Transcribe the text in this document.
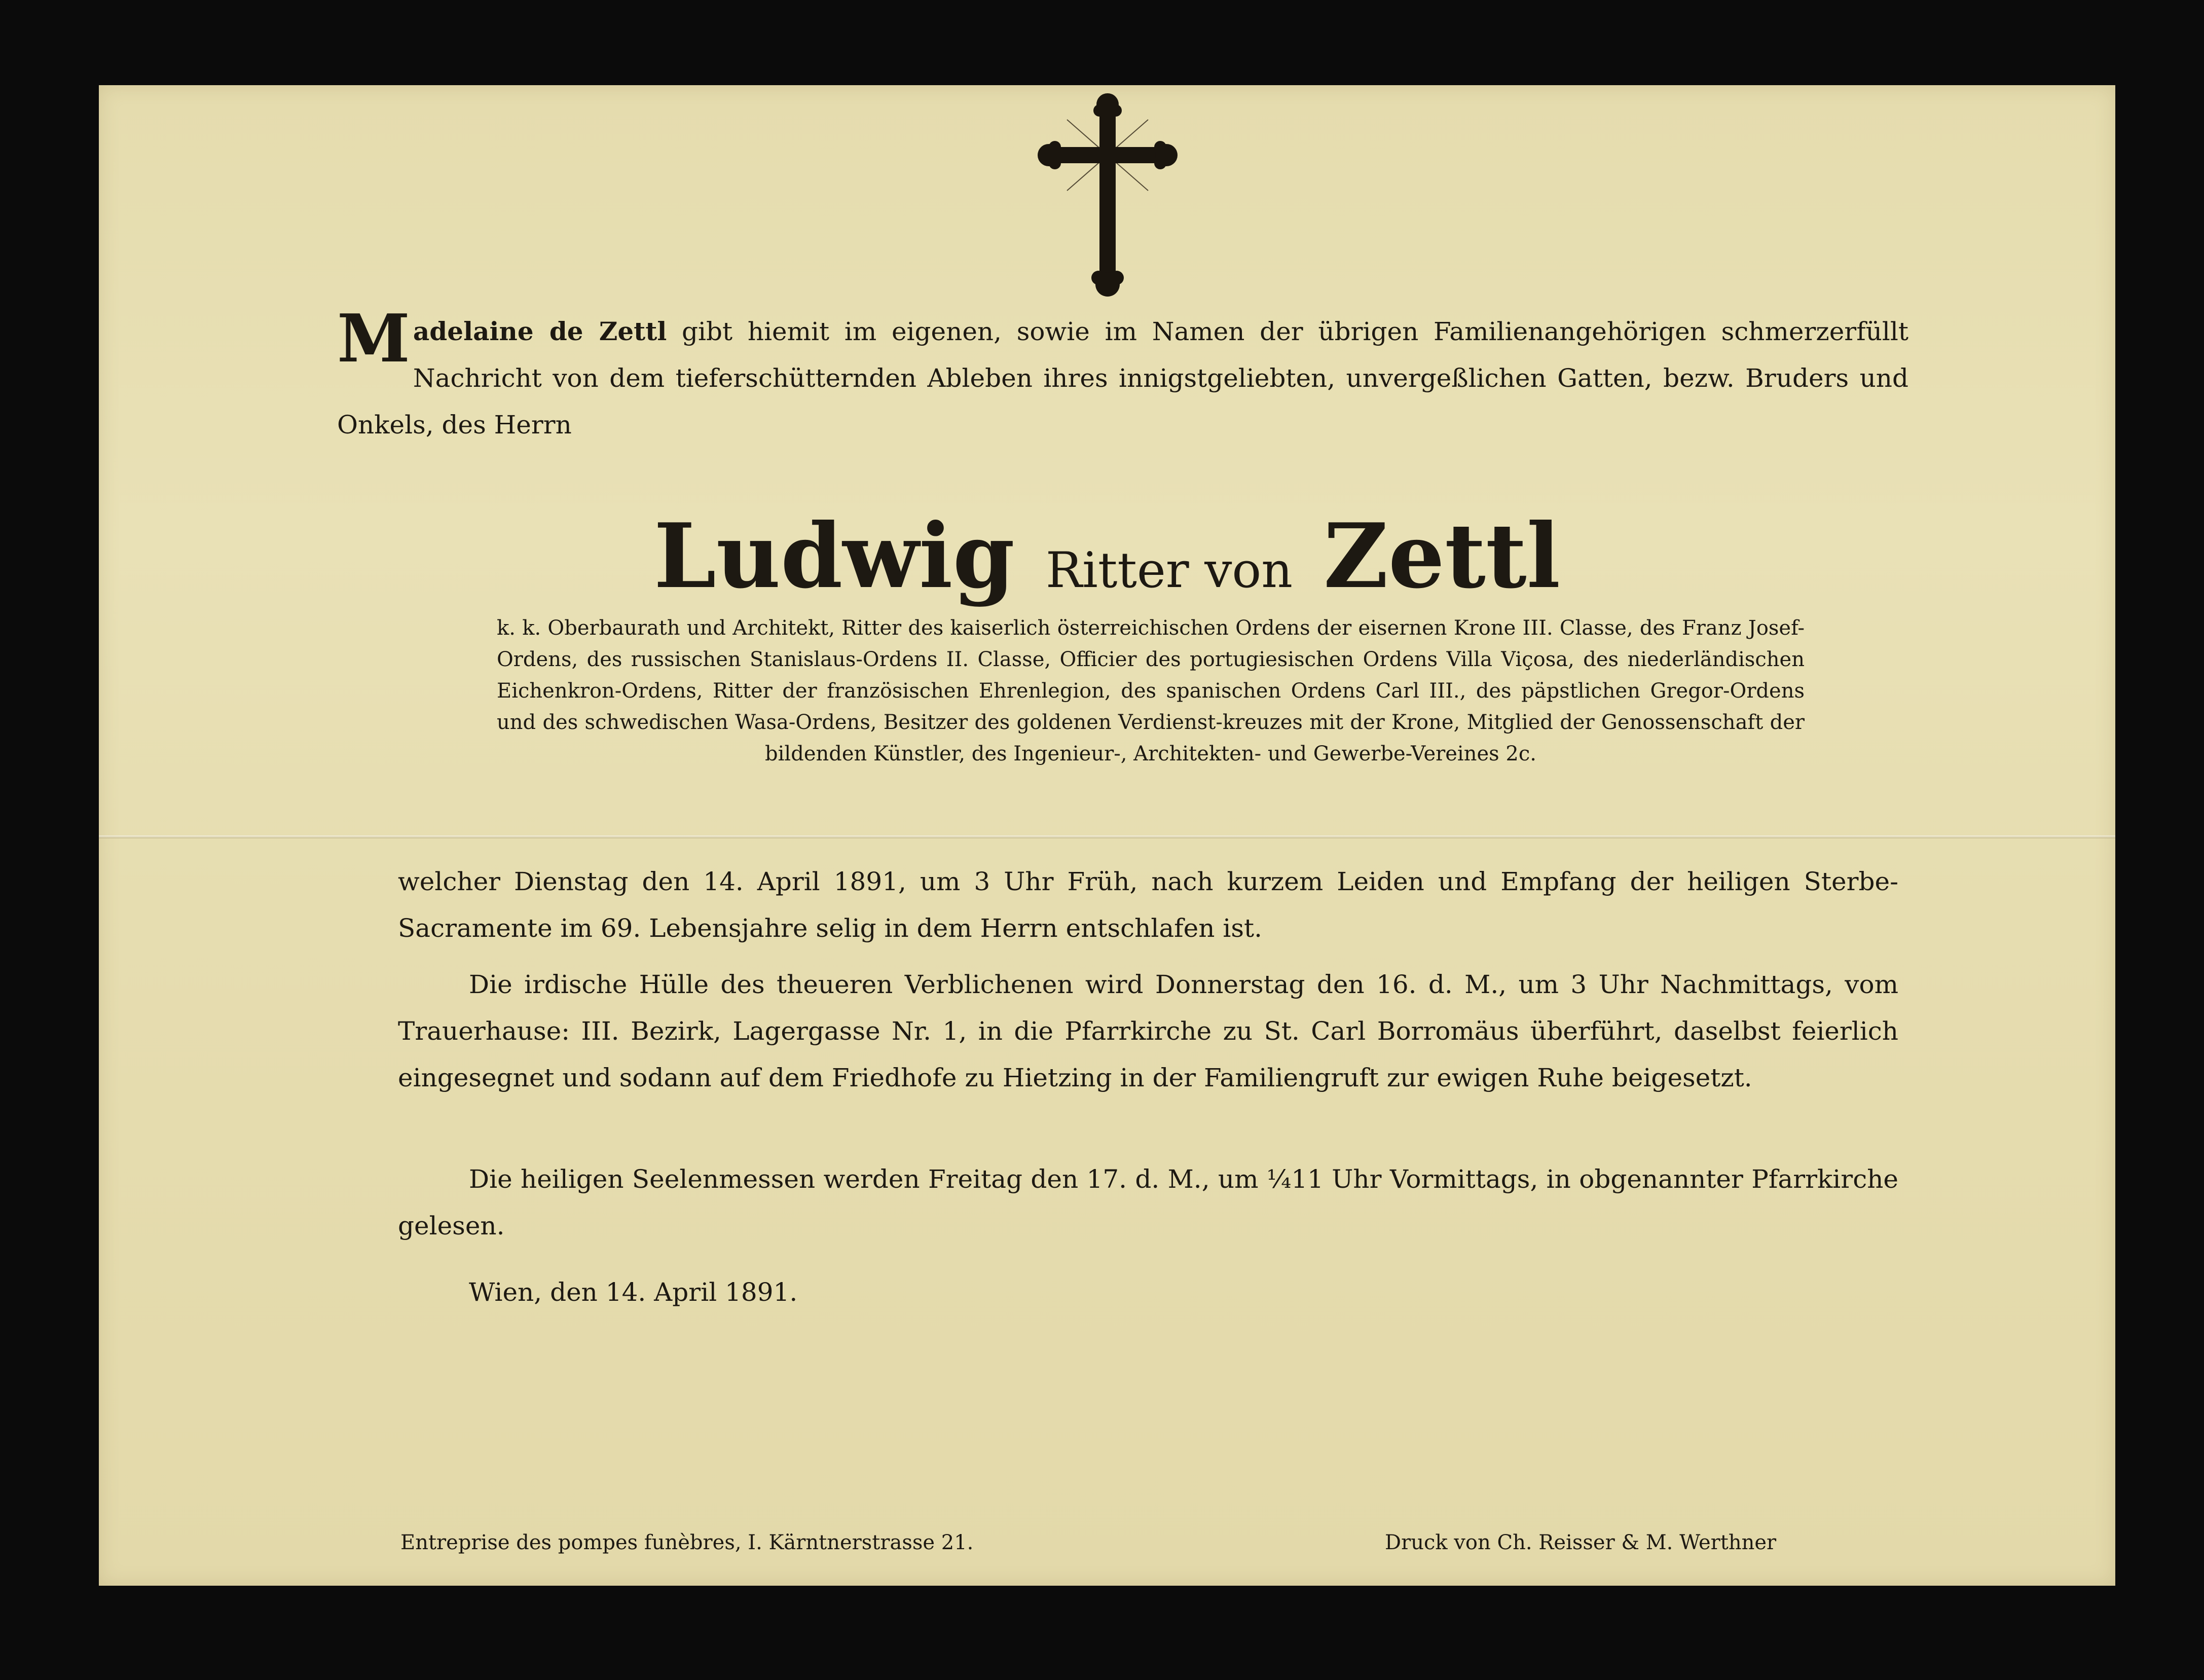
Madelaine de Zettl gibt hiemit im eigenen, sowie im Namen der übrigen Familienangehörigen schmerzerfüllt Nachricht von dem tieferschütternden Ableben ihres innigstgeliebten, unvergeßlichen Gatten, bezw. Bruders und Onkels, des Herrn
Ludwig Ritter von Zettl
k. k. Oberbaurath und Architekt, Ritter des kaiserlich österreichischen Ordens der eisernen Krone III. Classe, des Franz Josef-Ordens, des russischen Stanislaus-Ordens II. Classe, Officier des portugiesischen Ordens Villa Viçosa, des niederländischen Eichenkron-Ordens, Ritter der französischen Ehrenlegion, des spanischen Ordens Carl III., des päpstlichen Gregor-Ordens und des schwedischen Wasa-Ordens, Besitzer des goldenen Verdienst-kreuzes mit der Krone, Mitglied der Genossenschaft der bildenden Künstler, des Ingenieur-, Architekten- und Gewerbe-Vereines 2c.
welcher Dienstag den 14. April 1891, um 3 Uhr Früh, nach kurzem Leiden und Empfang der heiligen Sterbe-Sacramente im 69. Lebensjahre selig in dem Herrn entschlafen ist.
Die irdische Hülle des theueren Verblichenen wird Donnerstag den 16. d. M., um 3 Uhr Nachmittags, vom Trauerhause: III. Bezirk, Lagergasse Nr. 1, in die Pfarrkirche zu St. Carl Borromäus überführt, daselbst feierlich eingesegnet und sodann auf dem Friedhofe zu Hietzing in der Familiengruft zur ewigen Ruhe beigesetzt.
Die heiligen Seelenmessen werden Freitag den 17. d. M., um ¼11 Uhr Vormittags, in obgenannter Pfarrkirche gelesen.
Wien, den 14. April 1891.
Entreprise des pompes funèbres, I. Kärntnerstrasse 21.	Druck von Ch. Reisser & M. Werthner
